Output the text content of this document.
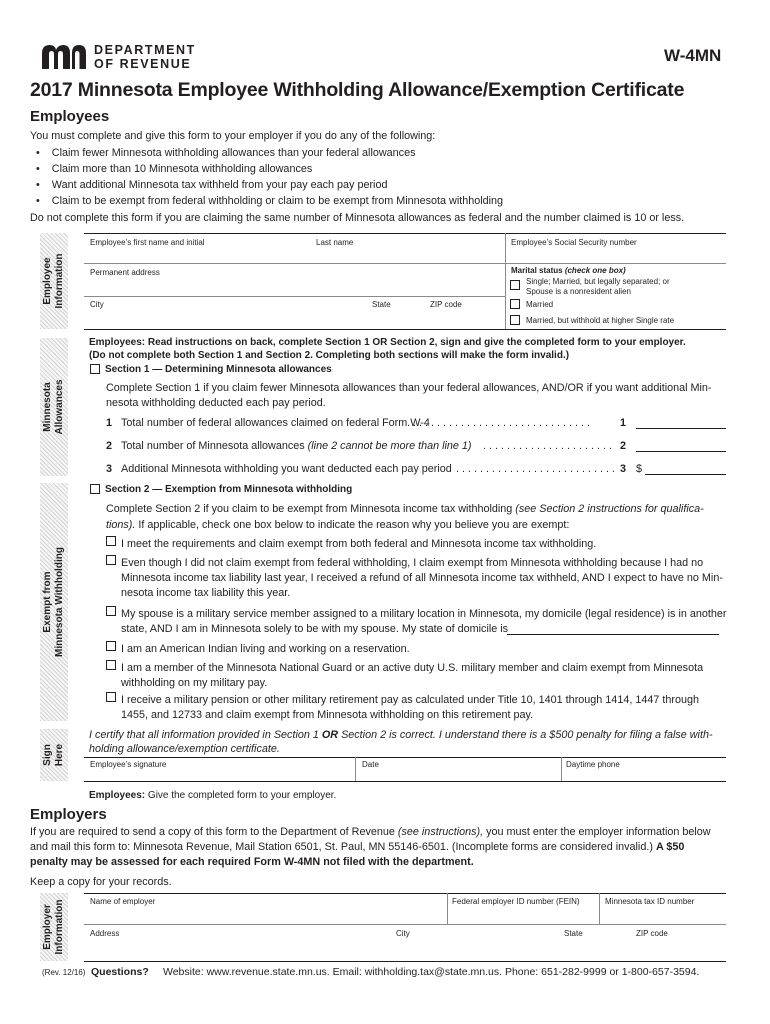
DEPARTMENT
OF REVENUE	W-4MN
2017 Minnesota Employee Withholding Allowance/Exemption Certificate
Employees
You must complete and give this form to your employer if you do any of the following:
• Claim fewer Minnesota withholding allowances than your federal allowances
• Claim more than 10 Minnesota withholding allowances
• Want additional Minnesota tax withheld from your pay each pay period
• Claim to be exempt from federal withholding or claim to be exempt from Minnesota withholding
Do not complete this form if you are claiming the same number of Minnesota allowances as federal and the number claimed is 10 or less.
Employee
Information
Employee’s first name and initial	Last name	Employee’s Social Security number
Permanent address
City	State	ZIP code
Marital status (check one box)
Single; Married, but legally separated; or
Spouse is a nonresident alien
Married
Married, but withhold at higher Single rate
Minnesota
Allowances
Employees: Read instructions on back, complete Section 1 OR Section 2, sign and give the completed form to your employer.
(Do not complete both Section 1 and Section 2. Completing both sections will make the form invalid.)
Section 1 — Determining Minnesota allowances
Complete Section 1 if you claim fewer Minnesota allowances than your federal allowances, AND/OR if you want additional Min-
nesota withholding deducted each pay period.
1 Total number of federal allowances claimed on federal Form W-4
. . . . . . . . . . . . . . . . . . . . . . . . . . . . . . .	1
2 Total number of Minnesota allowances (line 2 cannot be more than line 1) . . . . . . . . . . . . . . . . . . . . . . 2
3 Additional Minnesota withholding you want deducted each pay period . . . . . . . . . . . . . . . . . . . . . . . . . . . 3 $
Exempt from
Minnesota Withholding
Section 2 — Exemption from Minnesota withholding
Complete Section 2 if you claim to be exempt from Minnesota income tax withholding (see Section 2 instructions for qualifica-
tions). If applicable, check one box below to indicate the reason why you believe you are exempt:
I meet the requirements and claim exempt from both federal and Minnesota income tax withholding.
Even though I did not claim exempt from federal withholding, I claim exempt from Minnesota withholding because I had no
Minnesota income tax liability last year, I received a refund of all Minnesota income tax withheld, AND I expect to have no Min-
nesota income tax liability this year.
My spouse is a military service member assigned to a military location in Minnesota, my domicile (legal residence) is in another
state, AND I am in Minnesota solely to be with my spouse. My state of domicile is
I am an American Indian living and working on a reservation.
I am a member of the Minnesota National Guard or an active duty U.S. military member and claim exempt from Minnesota
withholding on my military pay.
I receive a military pension or other military retirement pay as calculated under Title 10, 1401 through 1414, 1447 through
1455, and 12733 and claim exempt from Minnesota withholding on this retirement pay.
Sign
Here
I certify that all information provided in Section 1 OR Section 2 is correct. I understand there is a $500 penalty for filing a false with-
holding allowance/exemption certificate.
Employee’s signature	Date	Daytime phone
Employees: Give the completed form to your employer.
Employers
If you are required to send a copy of this form to the Department of Revenue (see instructions), you must enter the employer information below
and mail this form to: Minnesota Revenue, Mail Station 6501, St. Paul, MN 55146-6501. (Incomplete forms are considered invalid.) A $50
penalty may be assessed for each required Form W-4MN not filed with the department.
Keep a copy for your records.
Employer
Information	Name of employer	Federal employer ID number (FEIN)	Minnesota tax ID number
Address	City	State	ZIP code
(Rev. 12/16) Questions? Website: www.revenue.state.mn.us. Email: withholding.tax@state.mn.us. Phone: 651-282-9999 or 1-800-657-3594.
